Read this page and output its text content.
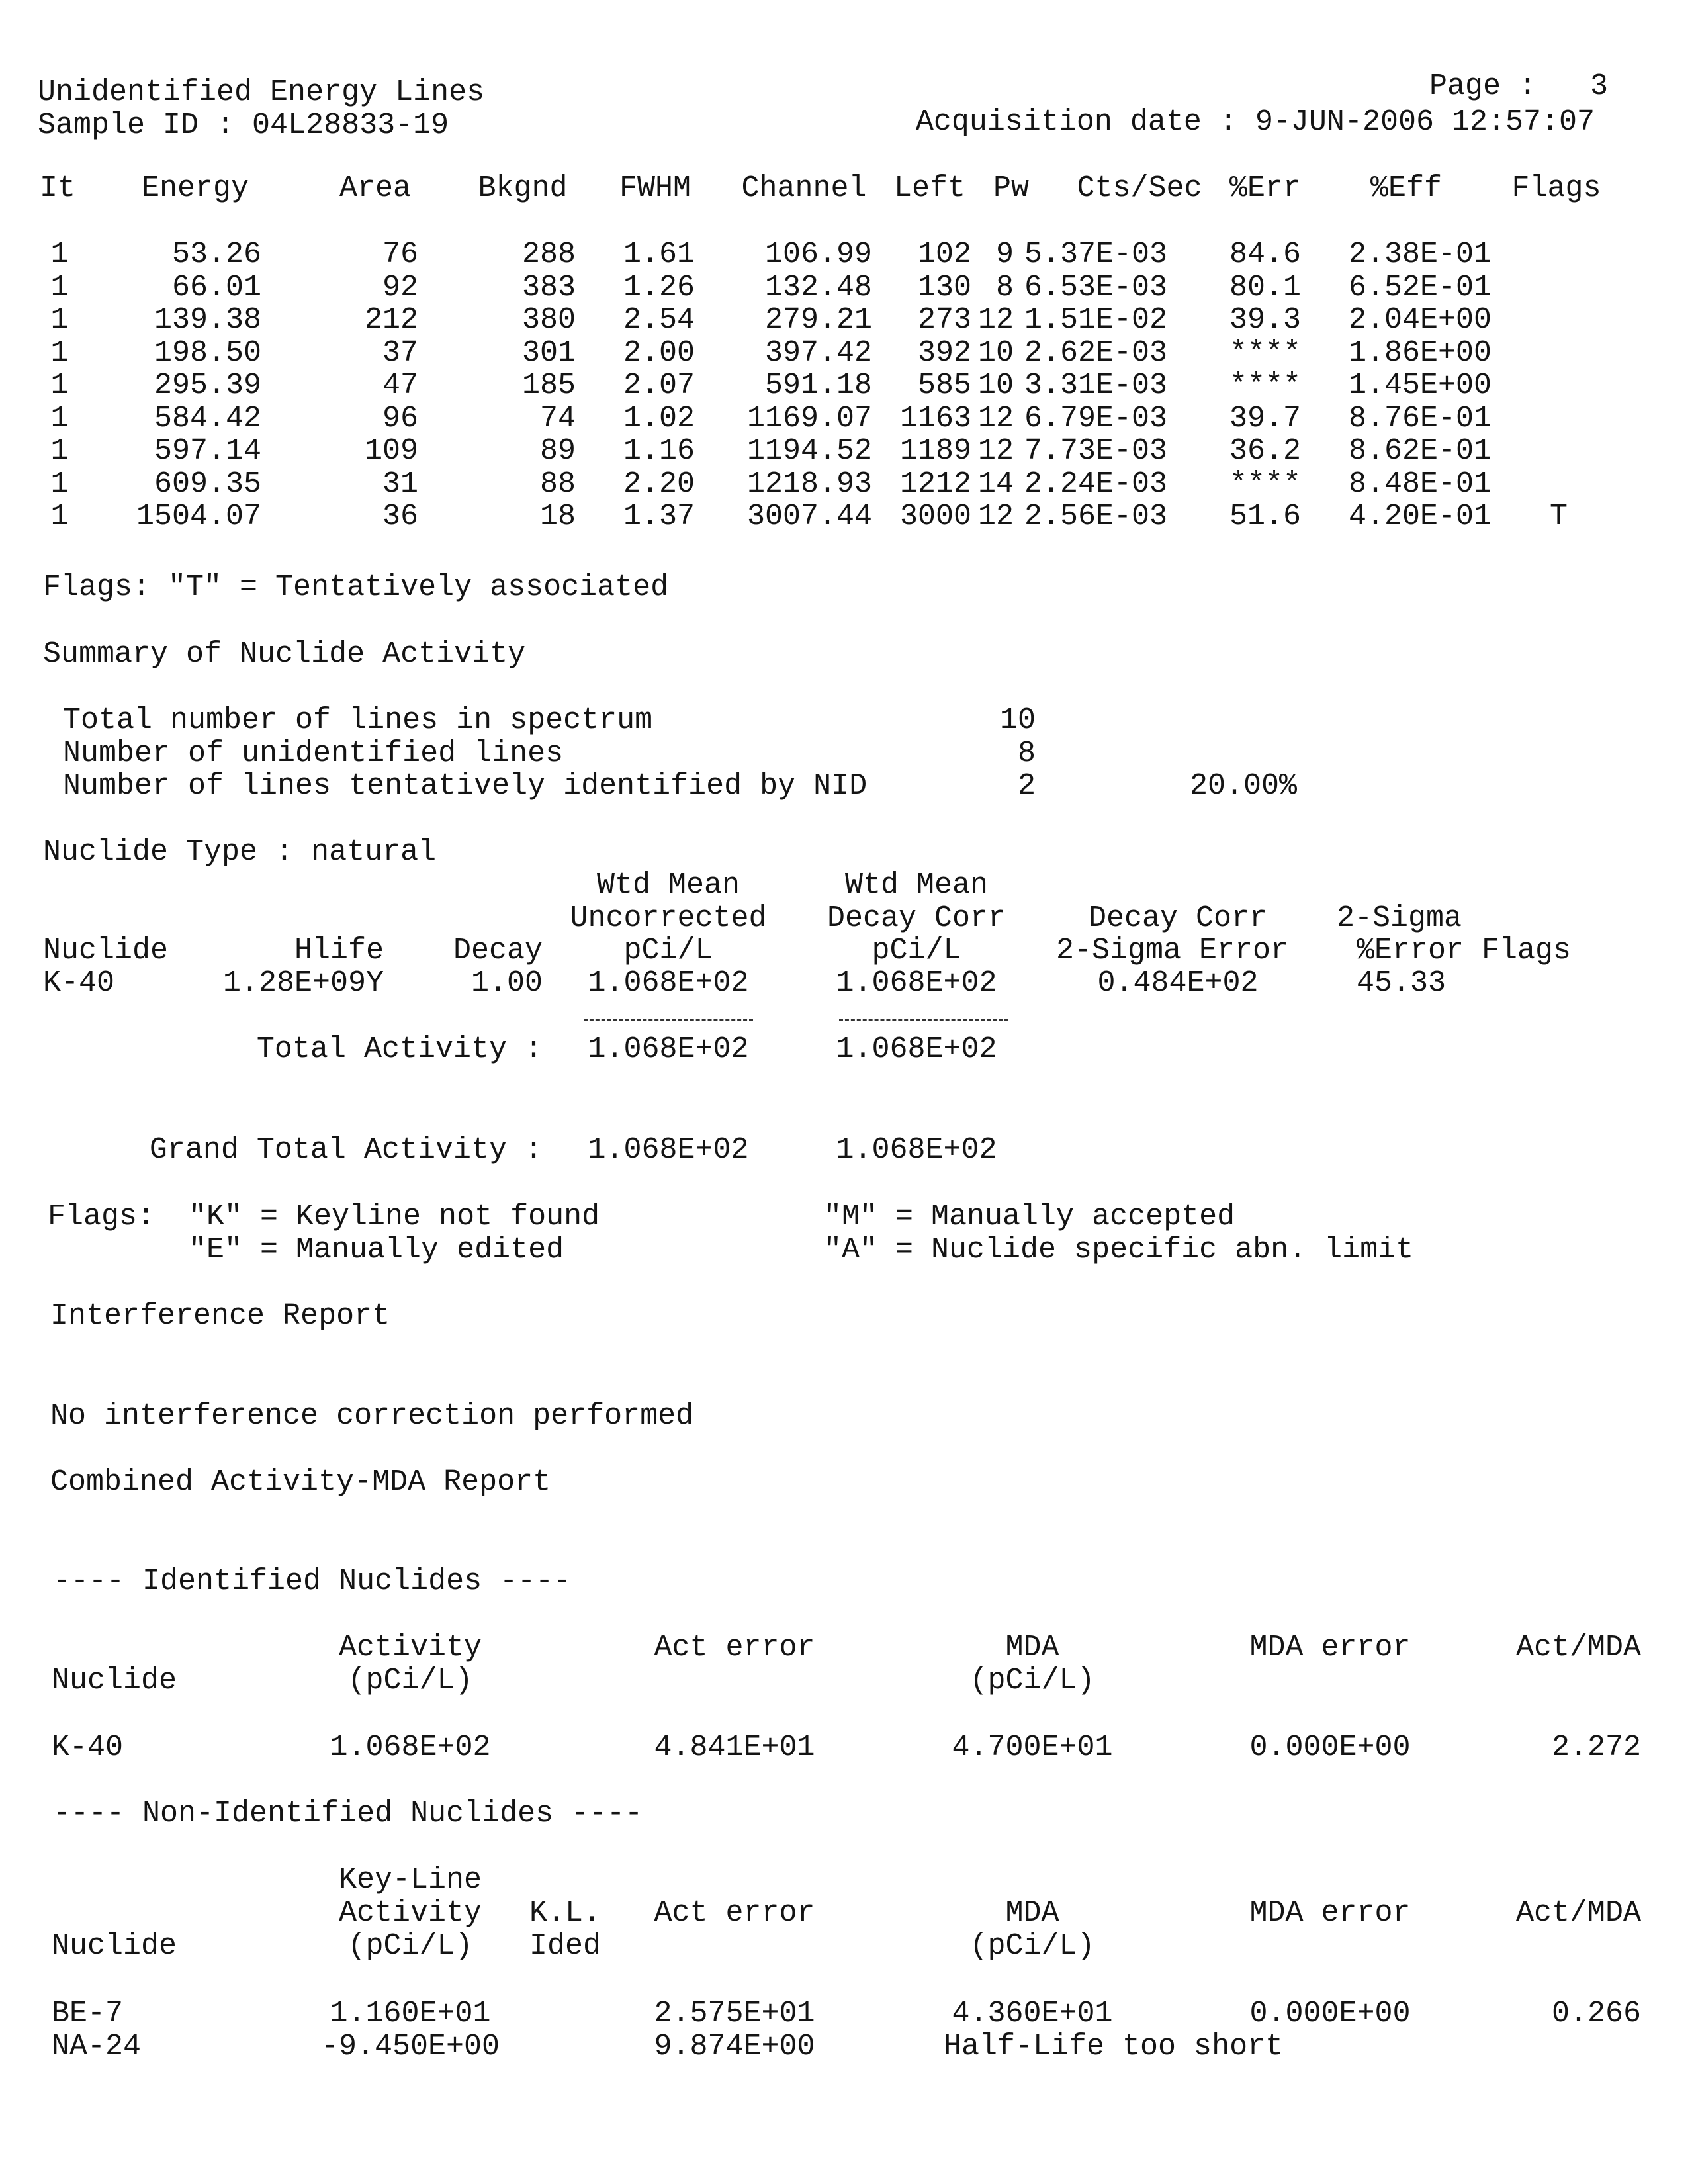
Unidentified Energy Lines
Sample ID : 04L28833-19
Page :   3
Acquisition date : 9-JUN-2006 12:57:07
It	Energy	Area	Bkgnd	FWHM	Channel Left Pw	Cts/Sec %Err	%Eff	Flags
1	53.26	76	288	1.61	106.99	102 9 5.37E-03 84.6 2.38E-01
1	66.01	92	383	1.26	132.48	130 8 6.53E-03 80.1 6.52E-01
1	139.38	212	380	2.54	279.21	273 12 1.51E-02 39.3 2.04E+00
1	198.50	37	301	2.00	397.42	392 10 2.62E-03 **** 1.86E+00
1	295.39	47	185	2.07	591.18	585 10 3.31E-03 **** 1.45E+00
1	584.42	96	74	1.02	1169.07 1163 12 6.79E-03 39.7 8.76E-01
1	597.14	109	89	1.16	1194.52 1189 12 7.73E-03 36.2 8.62E-01
1	609.35	31	88	2.20	1218.93 1212 14 2.24E-03 **** 8.48E-01
1	1504.07	36	18	1.37	3007.44 3000 12 2.56E-03 51.6 4.20E-01 T
Flags: "T" = Tentatively associated
Summary of Nuclide Activity
Total number of lines in spectrum	10
Number of unidentified lines	8
Number of lines tentatively identified by NID	2	20.00%
Nuclide Type : natural
Wtd Mean	Wtd Mean
Uncorrected	Decay Corr	Decay Corr	2-Sigma
Nuclide	Hlife	Decay	pCi/L	pCi/L	2-Sigma Error %Error Flags
K-40	1.28E+09Y	1.00	1.068E+02	1.068E+02	0.484E+02	45.33
Total Activity :	1.068E+02	1.068E+02
Grand Total Activity :	1.068E+02	1.068E+02
Flags: "K" = Keyline not found
"E" = Manually edited
"M" = Manually accepted
"A" = Nuclide specific abn. limit
Interference Report
No interference correction performed
Combined Activity-MDA Report
---- Identified Nuclides ----
Activity	Act error	MDA	MDA error	Act/MDA
Nuclide	(pCi/L)	(pCi/L)
K-40	1.068E+02	4.841E+01	4.700E+01	0.000E+00	2.272
---- Non-Identified Nuclides ----
Key-Line
Activity	K.L.	Act error	MDA	MDA error	Act/MDA
Nuclide	(pCi/L)	Ided	(pCi/L)
BE-7	1.160E+01	2.575E+01	4.360E+01	0.000E+00	0.266
NA-24	-9.450E+00	9.874E+00	Half-Life too short
